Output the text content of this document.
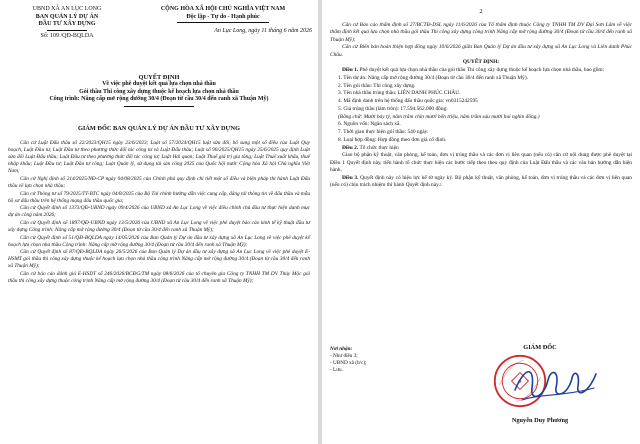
UBND XÃ AN LỤC LONG
BAN QUẢN LÝ DỰ ÁN
ĐẦU TƯ XÂY DỰNG
Số: 109 /QĐ-BQLDA
CỘNG HÒA XÃ HỘI CHỦ NGHĨA VIỆT NAM
Độc lập - Tự do - Hạnh phúc
An Lục Long, ngày 11 tháng 6 năm 2026
QUYẾT ĐỊNH
Về việc phê duyệt kết quả lựa chọn nhà thầu
Gói thầu Thi công xây dựng thuộc kế hoạch lựa chọn nhà thầu
Công trình: Nâng cấp mở rộng đường 30/4 (Đoạn từ cầu 30/4 đến ranh xã Thuận Mỹ)
GIÁM ĐỐC BAN QUẢN LÝ DỰ ÁN ĐẦU TƯ XÂY DỰNG

Căn cứ Luật Đấu thầu số 22/2023/QH15 ngày 23/6/2023; Luật số 57/2024/QH15 luật sửa đổi, bổ sung một số điều của Luật Quy hoạch, Luật Đầu tư, Luật Đầu tư theo phương thức đối tác công tư và Luật Đấu thầu; Luật số 90/2025/QH15 ngày 25/6/2025 quy định Luật sửa đổi Luật Đấu thầu; Luật Đầu tư theo phương thức đối tác công tư; Luật Hải quan; Luật Thuế giá trị gia tăng; Luật Thuế xuất khẩu, thuế nhập khẩu; Luật Đầu tư; Luật Đầu tư công; Luật Quản lý, sử dụng tài sản công 2025 của Quốc hội nước Cộng hòa Xã hội Chủ nghĩa Việt Nam;

Căn cứ Nghị định số 214/2025/NĐ-CP ngày 04/08/2025 của Chính phủ quy định chi tiết một số điều và biện pháp thi hành Luật Đấu thầu về lựa chọn nhà thầu;

Căn cứ Thông tư số 79/2025/TT-BTC ngày 04/8/2025 của Bộ Tài chính hướng dẫn việc cung cấp, đăng tải thông tin về đấu thầu và mẫu hồ sơ đấu thầu trên hệ thống mạng đấu thầu quốc gia;

Căn cứ Quyết định số 1373/QĐ-UBND ngày 09/4/2026 của UBND xã An Lục Long về việc điều chỉnh chủ đầu tư thực hiện danh mục dự án công năm 2026;

Căn cứ Quyết định số 1897/QĐ-UBND ngày 13/5/2026 của UBND xã An Lục Long về việc phê duyệt báo cáo kinh tế kỹ thuật đầu tư xây dựng Công trình: Nâng cấp mở rộng đường 30/4 (Đoạn từ cầu 30/4 đến ranh xã Thuận Mỹ);

Căn cứ Quyết định số 51/QĐ-BQLDA ngày 14/05/2026 của Ban Quản lý Dự án đầu tư xây dựng xã An Lục Long về việc phê duyệt kế hoạch lựa chọn nhà thầu Công trình: Nâng cấp mở rộng đường 30/4 (Đoạn từ cầu 30/4 đến ranh xã Thuận Mỹ);

Căn cứ Quyết định số 87/QĐ-BQLDA ngày 26/5/2026 của Ban Quản lý Dự án đầu tư xây dựng xã An Lục Long về việc phê duyệt E-HSMT gói thầu thi công xây dựng thuộc kế hoạch lựa chọn nhà thầu công trình Nâng cấp mở rộng đường 30/4 (Đoạn từ cầu 30/4 đến ranh xã Thuận Mỹ);

Căn cứ báo cáo đánh giá E-HSDT số 246/2026/BCĐG/TM ngày 08/6/2026 của tổ chuyên gia Công ty TNHH TM DV Thủy Mộc gói thầu thi công xây dựng thuộc công trình Nâng cấp mở rộng đường 30/4 (Đoạn từ cầu 30/4 đến ranh xã Thuận Mỹ);

2

Căn cứ Báo cáo thẩm định số 27/BCTĐ-DSL ngày 11/6/2026 của Tổ thẩm định thuộc Công ty TNHH TM DV Đại Sơn Lâm về việc thẩm định kết quả lựa chọn nhà thầu gói thầu Thi công xây dựng công trình Nâng cấp mở rộng đường 30/4 (Đoạn từ cầu 30/4 đến ranh xã Thuận Mỹ);

Căn cứ Biên bản hoàn thiện hợp đồng ngày 10/6/2026 giữa Ban Quản lý Dự án đầu tư xây dựng xã An Lục Long và Liên danh Phúc Châu.

QUYẾT ĐỊNH:

Điều 1. Phê duyệt kết quả lựa chọn nhà thầu của gói thầu Thi công xây dựng thuộc kế hoạch lựa chọn nhà thầu, bao gồm:

1. Tên dự án: Nâng cấp mở rộng đường 30/4 (Đoạn từ cầu 30/4 đến ranh xã Thuận Mỹ).

2. Tên gói thầu: Thi công xây dựng.

3. Tên nhà thầu trúng thầu: LIÊN DANH PHÚC CHÂU.

4. Mã định danh trên hệ thống đấu thầu quốc gia: vn0315242595

5. Giá trúng thầu (làm tròn): 17.594.562.000 đồng.

(Bằng chữ: Mười bảy tỷ, năm trăm chín mươi bốn triệu, năm trăm sáu mươi hai nghìn đồng.)

6. Nguồn vốn: Ngân sách xã.

7. Thời gian thực hiện gói thầu: 540 ngày.

8. Loại hợp đồng: Hợp đồng theo đơn giá cố định.

Điều 2. Tổ chức thực hiện

Giao bộ phận kỹ thuật, văn phòng, kế toán, đơn vị trúng thầu và các đơn vị liên quan (nếu có) căn cứ nội dung được phê duyệt tại Điều 1 Quyết định này, tiến hành tổ chức thực hiện các bước tiếp theo theo quy định của Luật Đấu thầu và các văn bản hướng dẫn hiện hành.

Điều 3. Quyết định này có hiệu lực kể từ ngày ký. Bộ phận kỹ thuật, văn phòng, kế toán, đơn vị trúng thầu và các đơn vị liên quan (nếu có) chịu trách nhiệm thi hành Quyết định này./.

Nơi nhận:
- Như điều 3;
- UBND xã (b/c);
- Lưu.
GIÁM ĐỐC
★
Nguyễn Duy Phương
